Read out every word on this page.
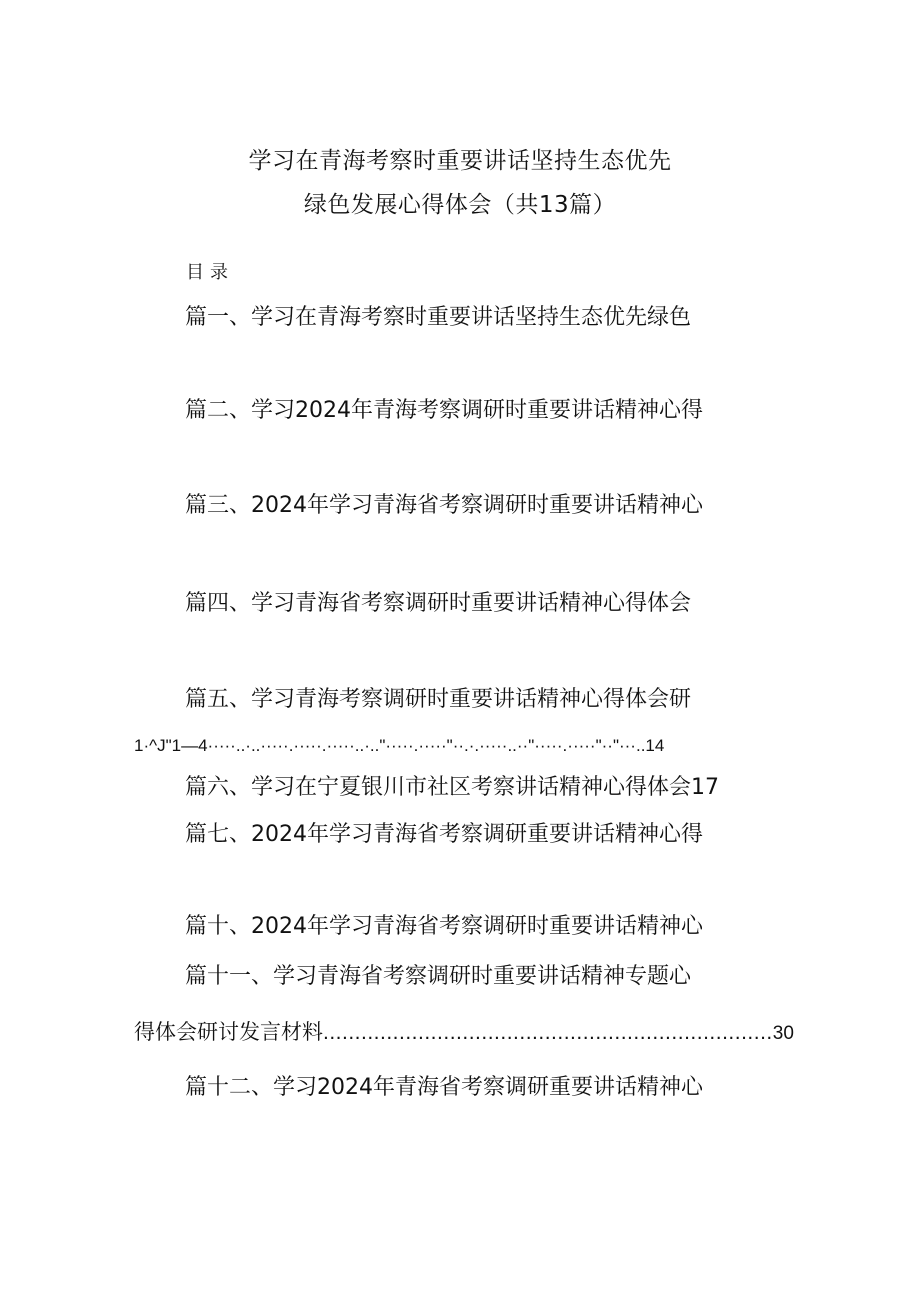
学习在青海考察时重要讲话坚持生态优先
绿色发展心得体会（共13篇）
目录
篇一、学习在青海考察时重要讲话坚持生态优先绿色
篇二、学习2024年青海考察调研时重要讲话精神心得
篇三、2024年学习青海省考察调研时重要讲话精神心
篇四、学习青海省考察调研时重要讲话精神心得体会
篇五、学习青海考察调研时重要讲话精神心得体会研
1·^J"1—4·····..·..·····.·····.·····..·.."·····.·····"··.·.·····..··"·····.·····"··"···..14
篇六、学习在宁夏银川市社区考察讲话精神心得体会17
篇七、2024年学习青海省考察调研重要讲话精神心得
篇十、2024年学习青海省考察调研时重要讲话精神心
篇十一、学习青海省考察调研时重要讲话精神专题心
得体会研讨发言材料.......................................................................30
篇十二、学习2024年青海省考察调研重要讲话精神心
